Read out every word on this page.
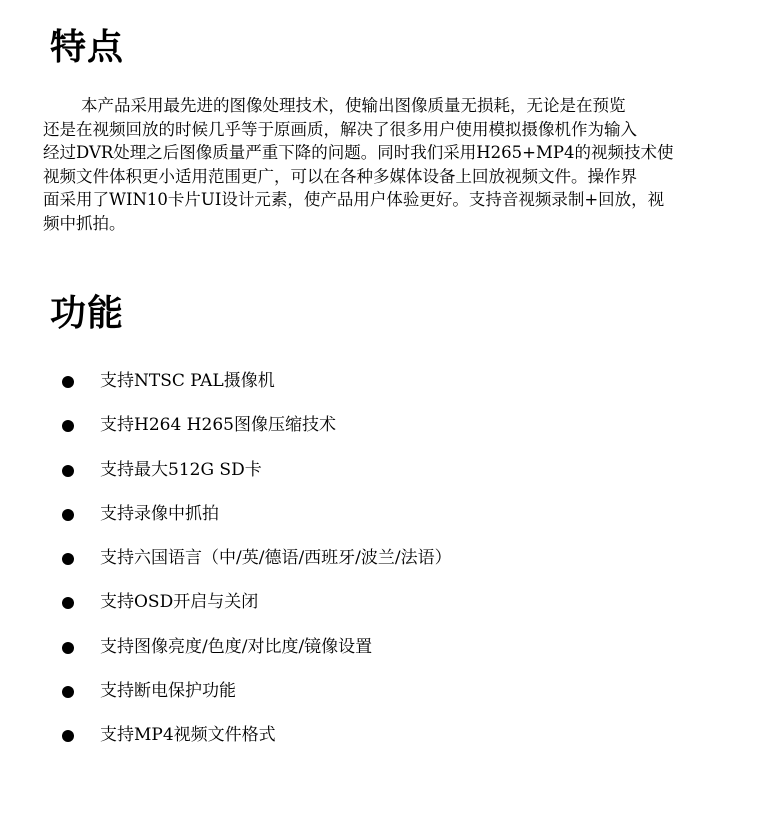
特点

本产品采用最先进的图像处理技术，使输出图像质量无损耗，无论是在预览
还是在视频回放的时候几乎等于原画质，解决了很多用户使用模拟摄像机作为输入
经过DVR处理之后图像质量严重下降的问题。同时我们采用H265+MP4的视频技术使
视频文件体积更小适用范围更广，可以在各种多媒体设备上回放视频文件。操作界
面采用了WIN10卡片UI设计元素，使产品用户体验更好。支持音视频录制+回放，视
频中抓拍。

功能
支持NTSC PAL摄像机
支持H264 H265图像压缩技术
支持最大512G SD卡
支持录像中抓拍
支持六国语言（中/英/德语/西班牙/波兰/法语）
支持OSD开启与关闭
支持图像亮度/色度/对比度/镜像设置
支持断电保护功能
支持MP4视频文件格式
